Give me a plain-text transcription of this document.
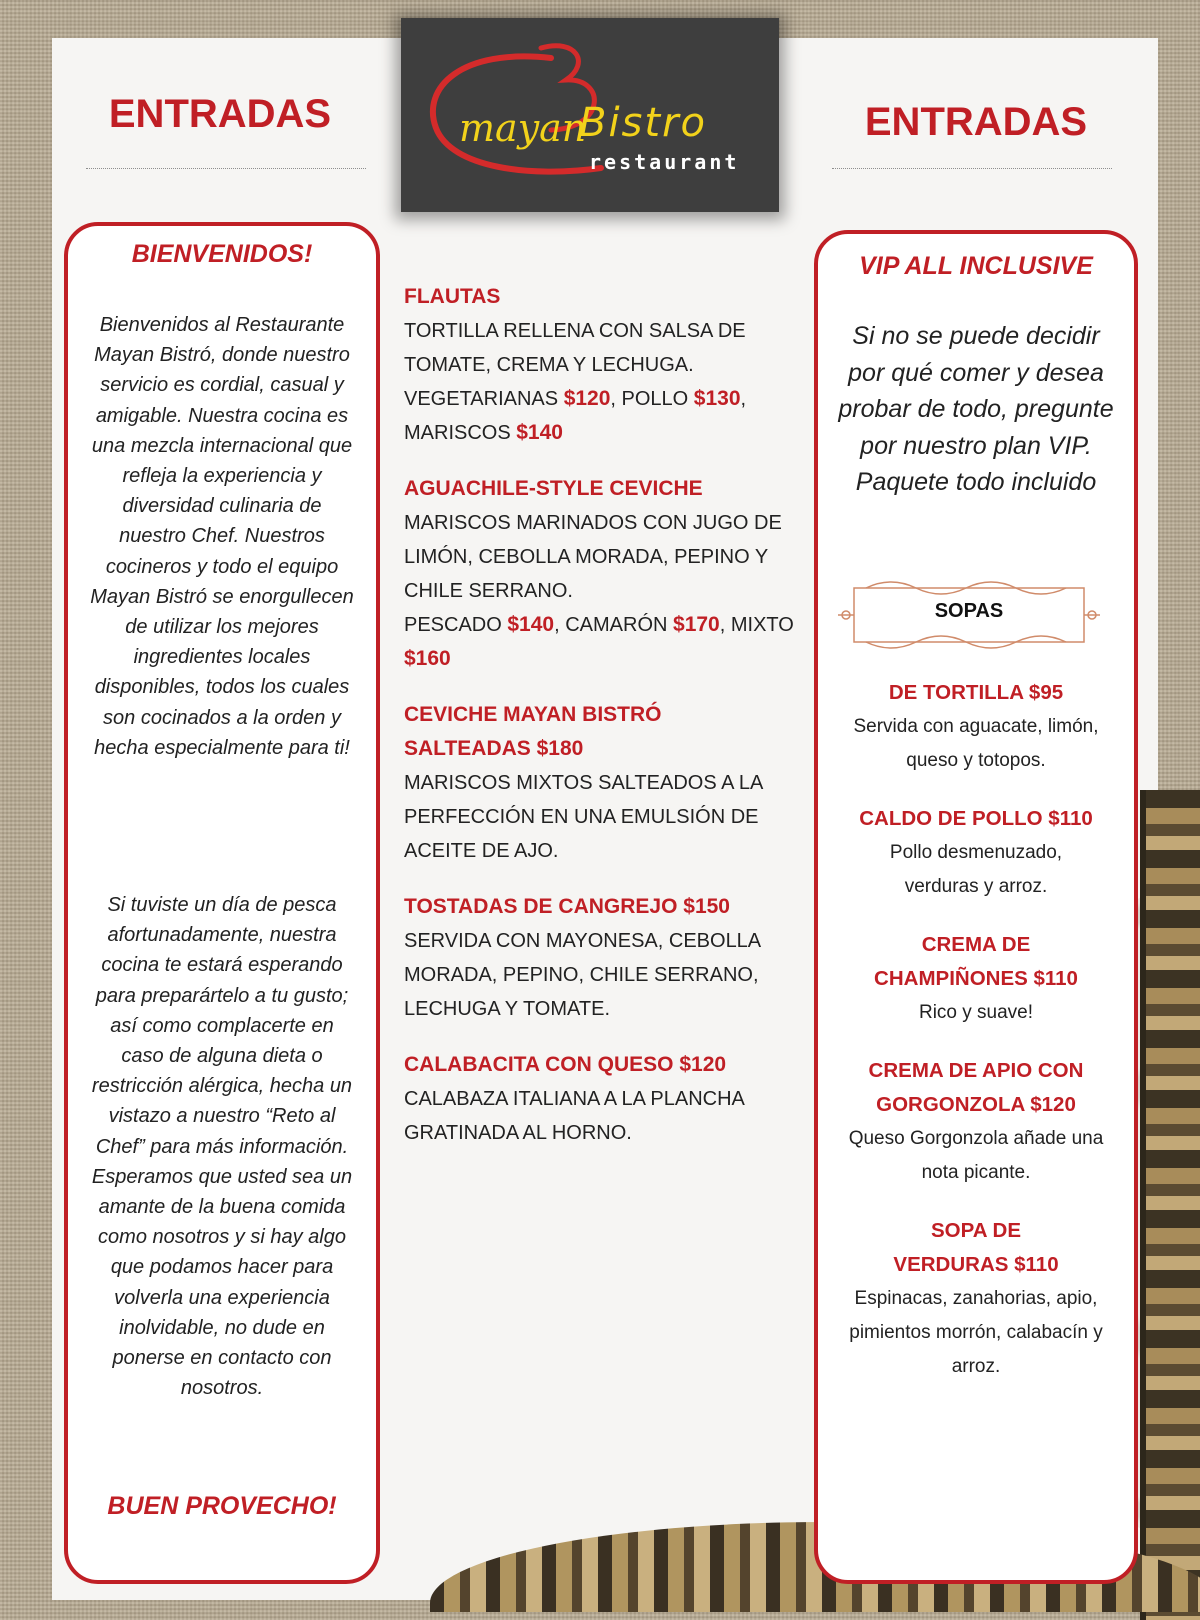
mayan
Bistro
restaurant
ENTRADAS	ENTRADAS
BIENVENIDOS!

Bienvenidos al Restaurante Mayan Bistró, donde nuestro servicio es cordial, casual y amigable. Nuestra cocina es una mezcla internacional que refleja la experiencia y diversidad culinaria de nuestro Chef. Nuestros cocineros y todo el equipo Mayan Bistró se enorgullecen de utilizar los mejores ingredientes locales disponibles, todos los cuales son cocinados a la orden y hecha especialmente para ti!

Si tuviste un día de pesca afortunadamente, nuestra cocina te estará esperando para preparártelo a tu gusto; así como complacerte en caso de alguna dieta o restricción alérgica, hecha un vistazo a nuestro “Reto al Chef” para más información. Esperamos que usted sea un amante de la buena comida como nosotros y si hay algo que podamos hacer para volverla una experiencia inolvidable, no dude en ponerse en contacto con nosotros.

BUEN PROVECHO!

FLAUTAS

TORTILLA RELLENA CON SALSA DE TOMATE, CREMA Y LECHUGA.

VEGETARIANAS $120, POLLO $130, MARISCOS $140

AGUACHILE-STYLE CEVICHE

MARISCOS MARINADOS CON JUGO DE LIMÓN, CEBOLLA MORADA, PEPINO Y CHILE SERRANO.

PESCADO $140, CAMARÓN $170, MIXTO $160

CEVICHE MAYAN BISTRÓ

SALTEADAS $180

MARISCOS MIXTOS SALTEADOS A LA PERFECCIÓN EN UNA EMULSIÓN DE ACEITE DE AJO.

TOSTADAS DE CANGREJO $150

SERVIDA CON MAYONESA, CEBOLLA MORADA, PEPINO, CHILE SERRANO, LECHUGA Y TOMATE.

CALABACITA CON QUESO $120

CALABAZA ITALIANA A LA PLANCHA GRATINADA AL HORNO.

VIP ALL INCLUSIVE

Si no se puede decidir por qué comer y desea probar de todo, pregunte por nuestro plan VIP. Paquete todo incluido

SOPAS

DE TORTILLA $95

Servida con aguacate, limón, queso y totopos.

CALDO DE POLLO $110

Pollo desmenuzado, verduras y arroz.

CREMA DE CHAMPIÑONES $110

Rico y suave!

CREMA DE APIO CON GORGONZOLA $120

Queso Gorgonzola añade una nota picante.

SOPA DE VERDURAS $110

Espinacas, zanahorias, apio, pimientos morrón, calabacín y arroz.
